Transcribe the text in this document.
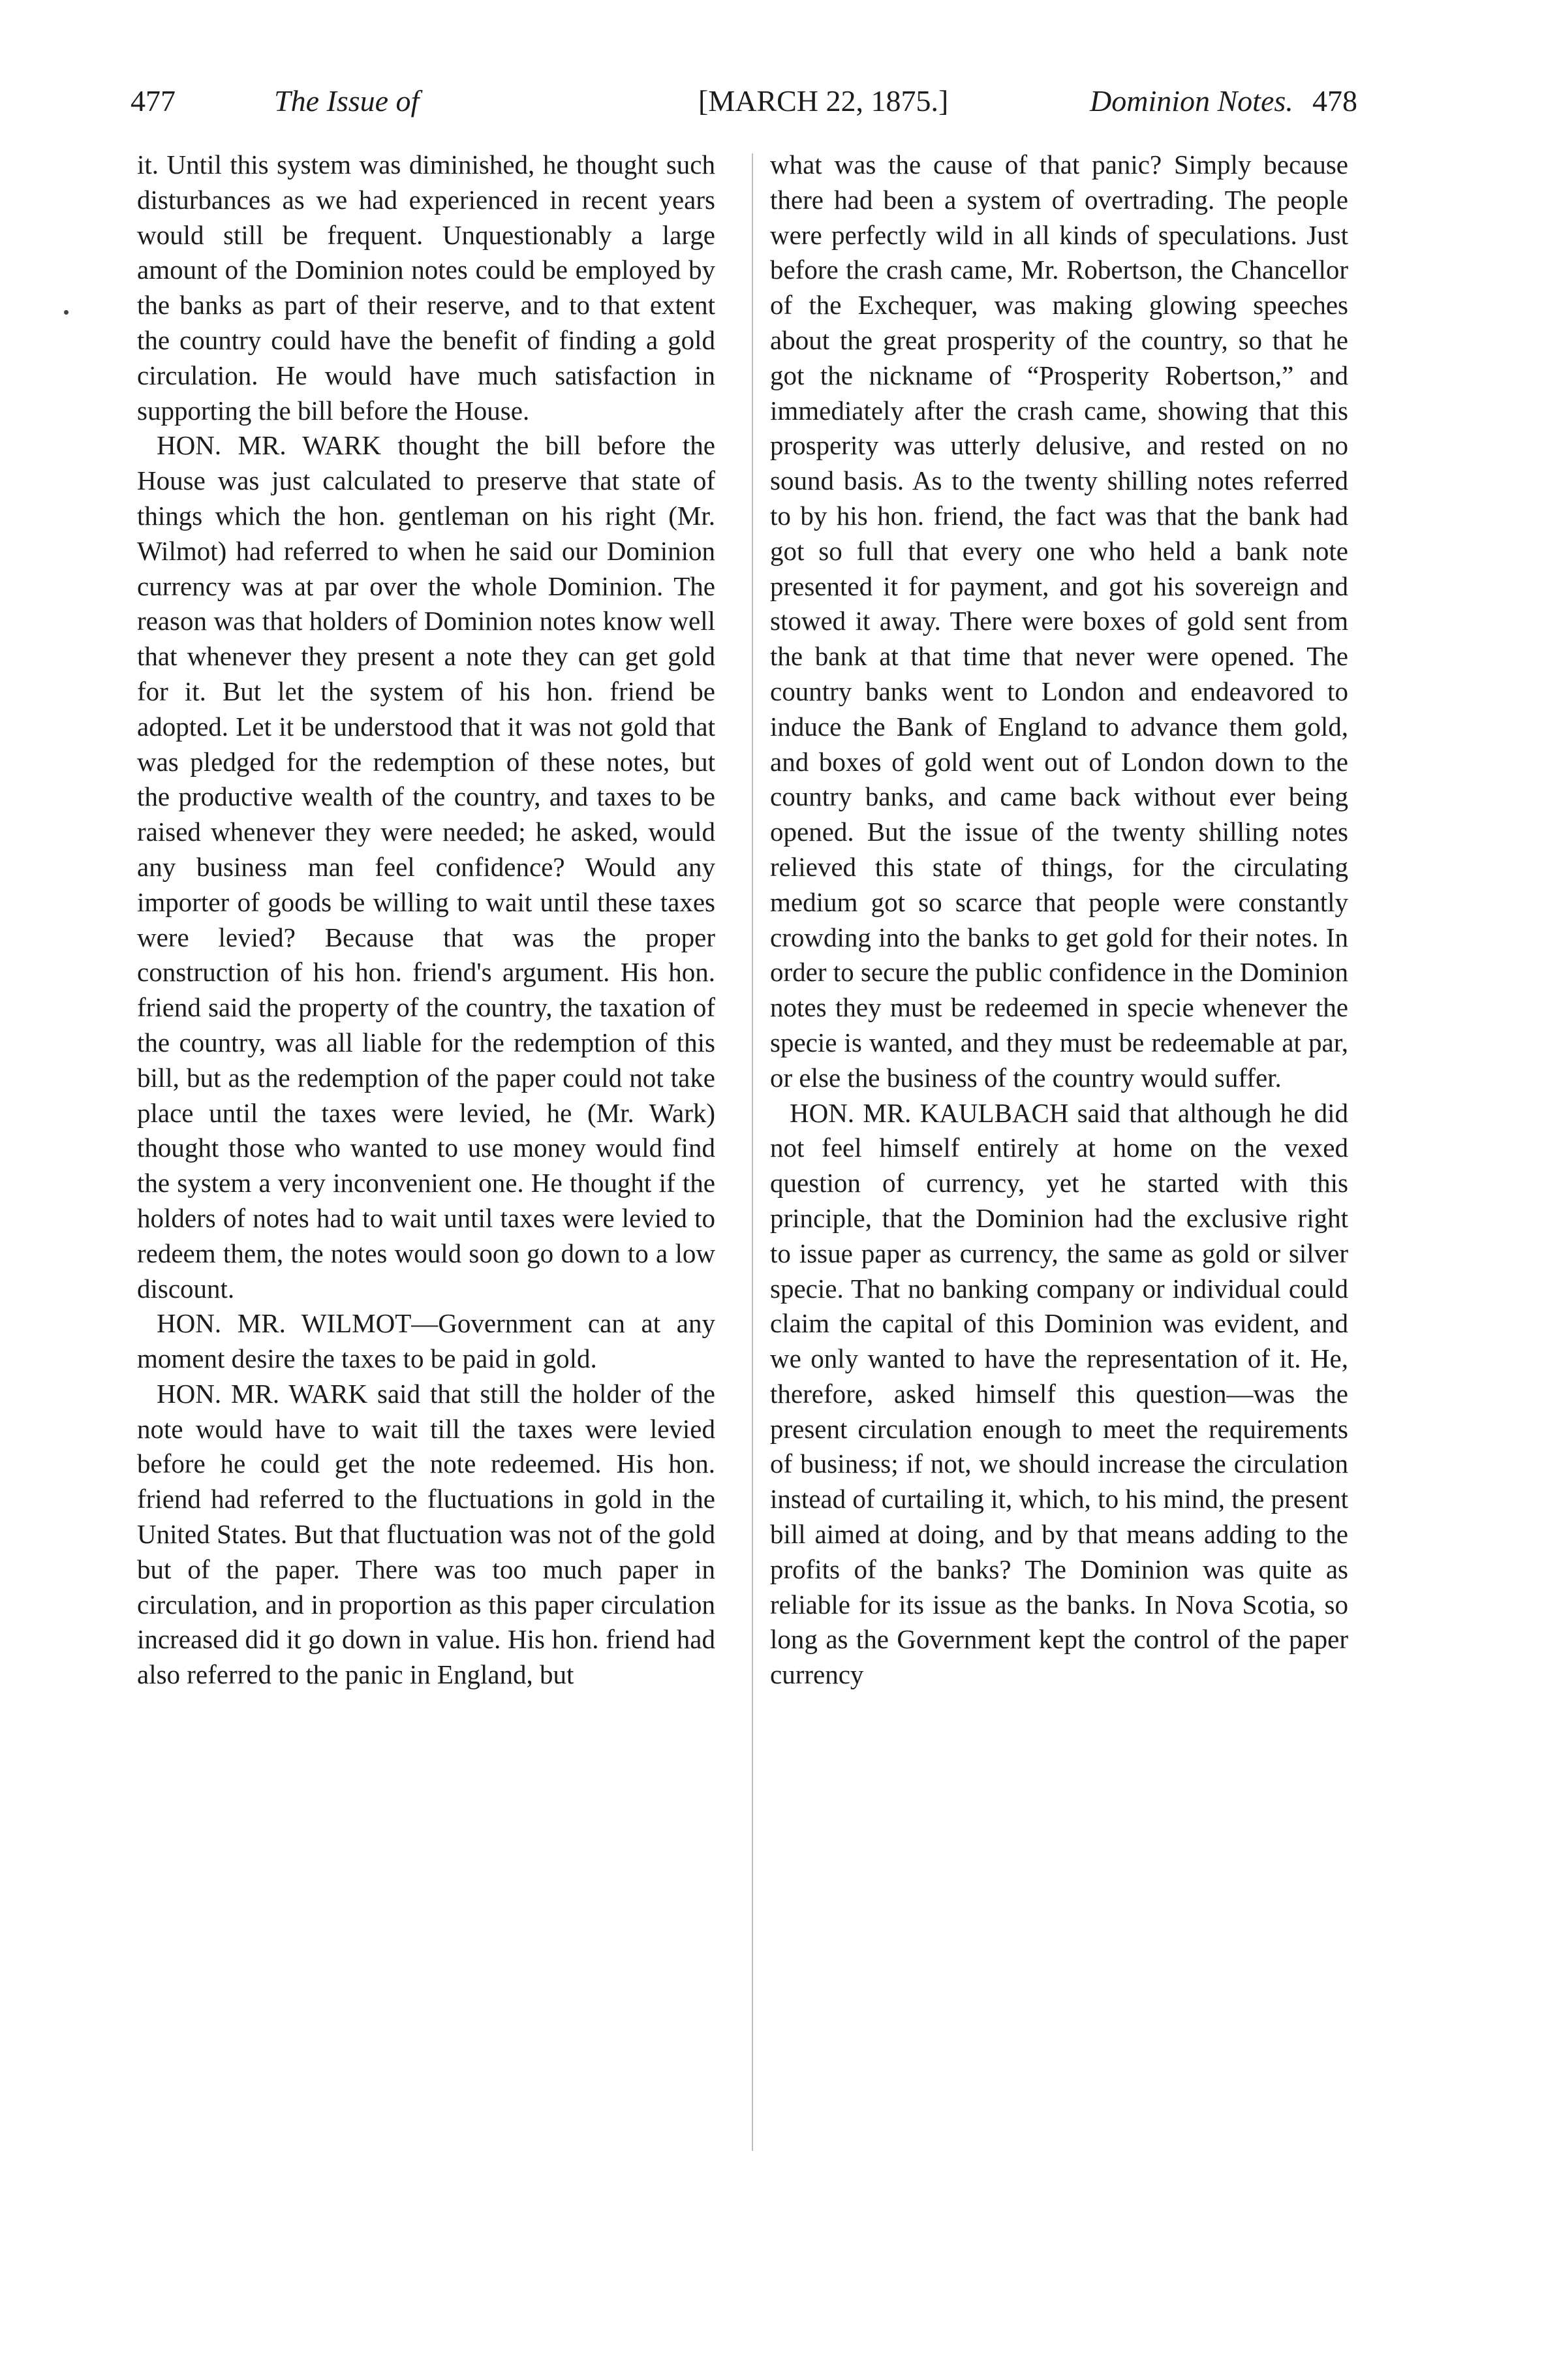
477	The Issue of	[MARCH 22, 1875.]	Dominion Notes. 478

it. Until this system was diminished, he thought such disturbances as we had experienced in recent years would still be frequent. Unquestionably a large amount of the Dominion notes could be employed by the banks as part of their reserve, and to that extent the country could have the benefit of finding a gold circulation. He would have much satisfaction in supporting the bill before the House.

HON. MR. WARK thought the bill before the House was just calculated to preserve that state of things which the hon. gentleman on his right (Mr. Wilmot) had referred to when he said our Dominion currency was at par over the whole Dominion. The reason was that holders of Dominion notes know well that whenever they present a note they can get gold for it. But let the system of his hon. friend be adopted. Let it be understood that it was not gold that was pledged for the redemption of these notes, but the productive wealth of the country, and taxes to be raised whenever they were needed; he asked, would any business man feel confidence? Would any importer of goods be willing to wait until these taxes were levied? Because that was the proper construction of his hon. friend's argument. His hon. friend said the property of the country, the taxation of the country, was all liable for the redemption of this bill, but as the redemption of the paper could not take place until the taxes were levied, he (Mr. Wark) thought those who wanted to use money would find the system a very inconvenient one. He thought if the holders of notes had to wait until taxes were levied to redeem them, the notes would soon go down to a low discount.

HON. MR. WILMOT—Government can at any moment desire the taxes to be paid in gold.

HON. MR. WARK said that still the holder of the note would have to wait till the taxes were levied before he could get the note redeemed. His hon. friend had referred to the fluctuations in gold in the United States. But that fluctuation was not of the gold but of the paper. There was too much paper in circulation, and in proportion as this paper circulation increased did it go down in value. His hon. friend had also referred to the panic in England, but

what was the cause of that panic? Simply because there had been a system of overtrading. The people were perfectly wild in all kinds of speculations. Just before the crash came, Mr. Robertson, the Chancellor of the Exchequer, was making glowing speeches about the great prosperity of the country, so that he got the nickname of “Prosperity Robertson,” and immediately after the crash came, showing that this prosperity was utterly delusive, and rested on no sound basis. As to the twenty shilling notes referred to by his hon. friend, the fact was that the bank had got so full that every one who held a bank note presented it for payment, and got his sovereign and stowed it away. There were boxes of gold sent from the bank at that time that never were opened. The country banks went to London and endeavored to induce the Bank of England to advance them gold, and boxes of gold went out of London down to the country banks, and came back without ever being opened. But the issue of the twenty shilling notes relieved this state of things, for the circulating medium got so scarce that people were constantly crowding into the banks to get gold for their notes. In order to secure the public confidence in the Dominion notes they must be redeemed in specie whenever the specie is wanted, and they must be redeemable at par, or else the business of the country would suffer.

HON. MR. KAULBACH said that although he did not feel himself entirely at home on the vexed question of currency, yet he started with this principle, that the Dominion had the exclusive right to issue paper as currency, the same as gold or silver specie. That no banking company or individual could claim the capital of this Dominion was evident, and we only wanted to have the representation of it. He, therefore, asked himself this question—was the present circulation enough to meet the requirements of business; if not, we should increase the circulation instead of curtailing it, which, to his mind, the present bill aimed at doing, and by that means adding to the profits of the banks? The Dominion was quite as reliable for its issue as the banks. In Nova Scotia, so long as the Government kept the control of the paper currency
